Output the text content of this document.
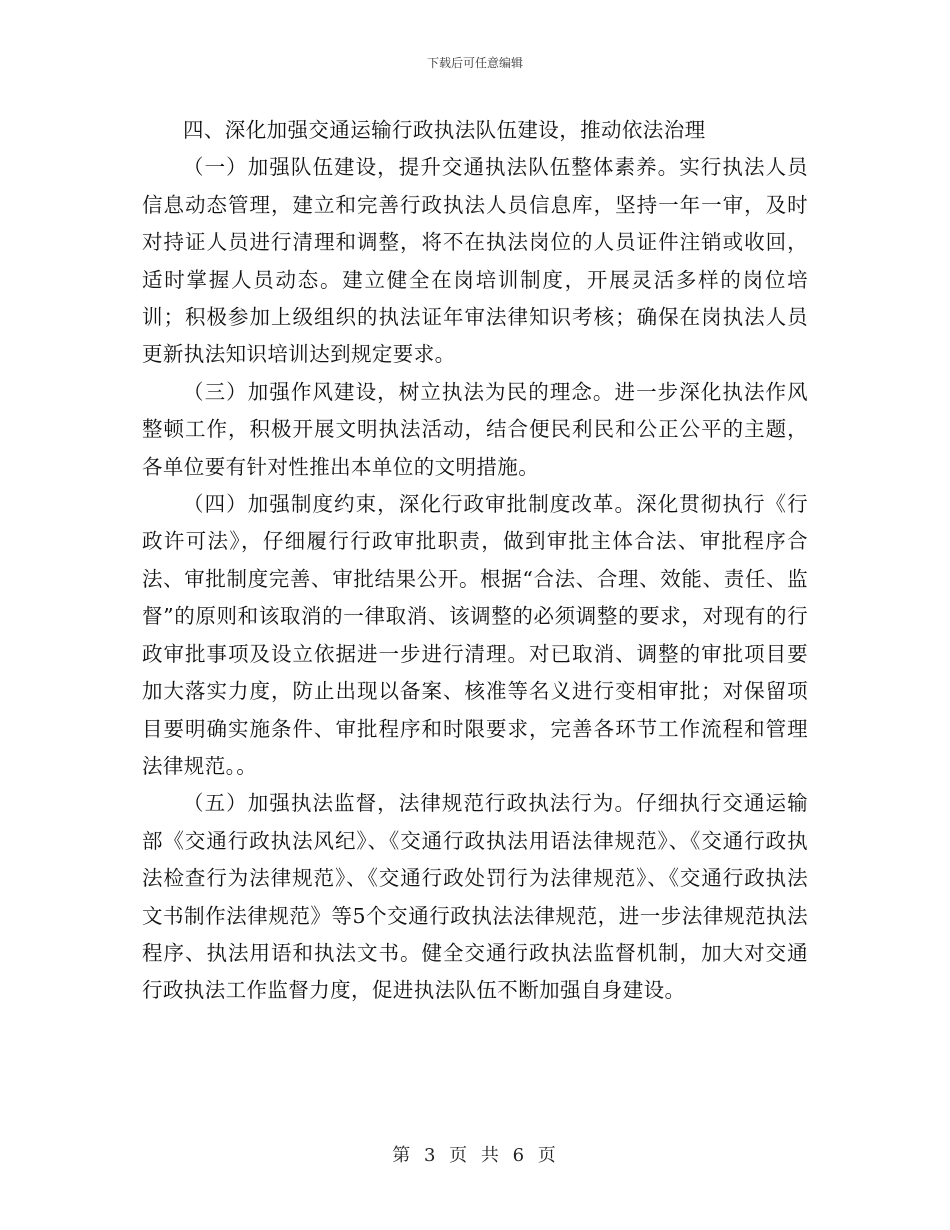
下载后可任意编辑

四、深化加强交通运输行政执法队伍建设，推动依法治理

（一）加强队伍建设，提升交通执法队伍整体素养。实行执法人员信息动态管理，建立和完善行政执法人员信息库，坚持一年一审，及时对持证人员进行清理和调整，将不在执法岗位的人员证件注销或收回，适时掌握人员动态。建立健全在岗培训制度，开展灵活多样的岗位培训；积极参加上级组织的执法证年审法律知识考核；确保在岗执法人员更新执法知识培训达到规定要求。

（三）加强作风建设，树立执法为民的理念。进一步深化执法作风整顿工作，积极开展文明执法活动，结合便民利民和公正公平的主题，各单位要有针对性推出本单位的文明措施。

（四）加强制度约束，深化行政审批制度改革。深化贯彻执行《行政许可法》，仔细履行行政审批职责，做到审批主体合法、审批程序合法、审批制度完善、审批结果公开。根据“合法、合理、效能、责任、监督”的原则和该取消的一律取消、该调整的必须调整的要求，对现有的行政审批事项及设立依据进一步进行清理。对已取消、调整的审批项目要加大落实力度，防止出现以备案、核准等名义进行变相审批；对保留项目要明确实施条件、审批程序和时限要求，完善各环节工作流程和管理法律规范。。

（五）加强执法监督，法律规范行政执法行为。仔细执行交通运输部《交通行政执法风纪》、《交通行政执法用语法律规范》、《交通行政执法检查行为法律规范》、《交通行政处罚行为法律规范》、《交通行政执法文书制作法律规范》等5个交通行政执法法律规范，进一步法律规范执法程序、执法用语和执法文书。健全交通行政执法监督机制，加大对交通行政执法工作监督力度，促进执法队伍不断加强自身建设。

第 3 页 共 6 页
